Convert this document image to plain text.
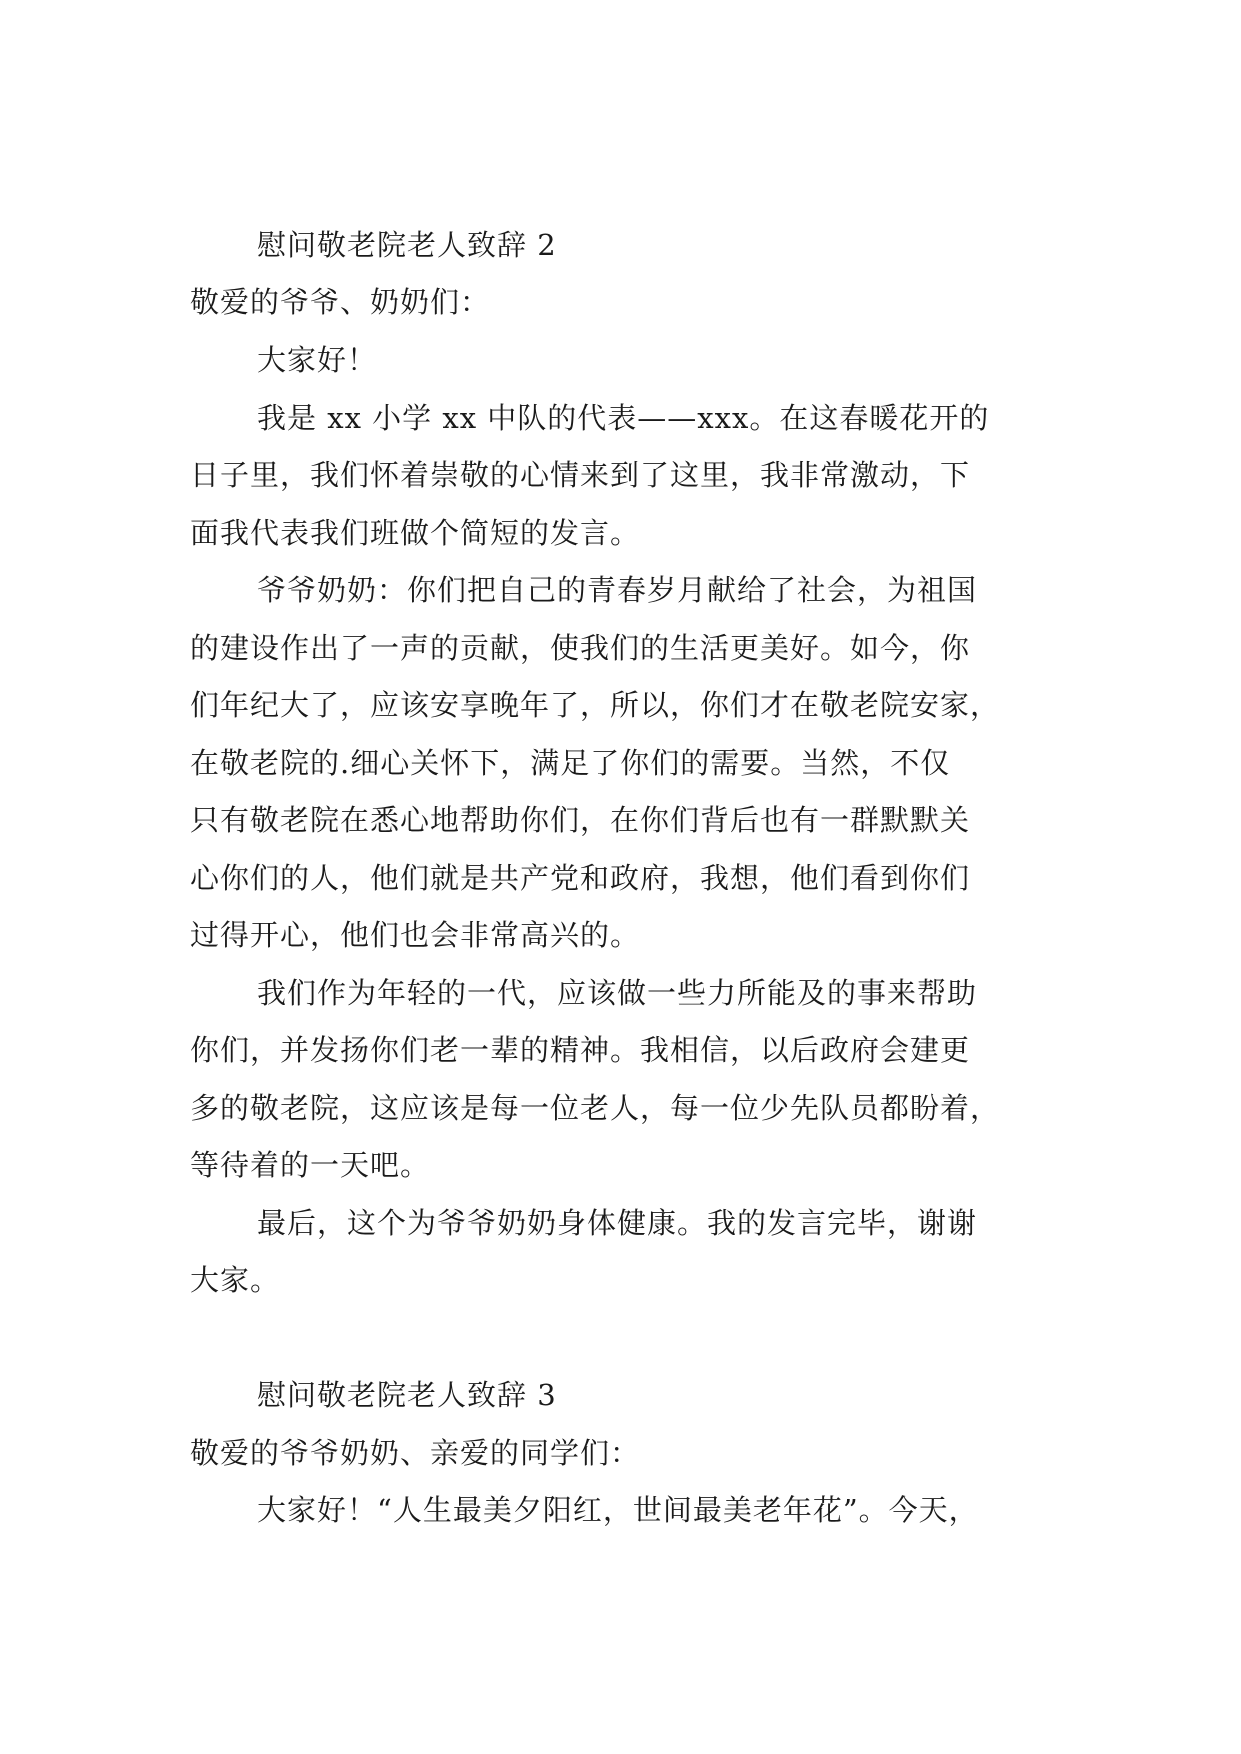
慰问敬老院老人致辞 2
敬爱的爷爷、奶奶们：
大家好！
我是 xx 小学 xx 中队的代表——xxx。在这春暖花开的
日子里，我们怀着崇敬的心情来到了这里，我非常激动，下
面我代表我们班做个简短的发言。
爷爷奶奶：你们把自己的青春岁月献给了社会，为祖国
的建设作出了一声的贡献，使我们的生活更美好。如今，你
们年纪大了，应该安享晚年了，所以，你们才在敬老院安家，
在敬老院的.细心关怀下，满足了你们的需要。当然，不仅
只有敬老院在悉心地帮助你们，在你们背后也有一群默默关
心你们的人，他们就是共产党和政府，我想，他们看到你们
过得开心，他们也会非常高兴的。
我们作为年轻的一代，应该做一些力所能及的事来帮助
你们，并发扬你们老一辈的精神。我相信，以后政府会建更
多的敬老院，这应该是每一位老人，每一位少先队员都盼着，
等待着的一天吧。
最后，这个为爷爷奶奶身体健康。我的发言完毕，谢谢
大家。
慰问敬老院老人致辞 3
敬爱的爷爷奶奶、亲爱的同学们：
大家好！“人生最美夕阳红，世间最美老年花”。今天，
